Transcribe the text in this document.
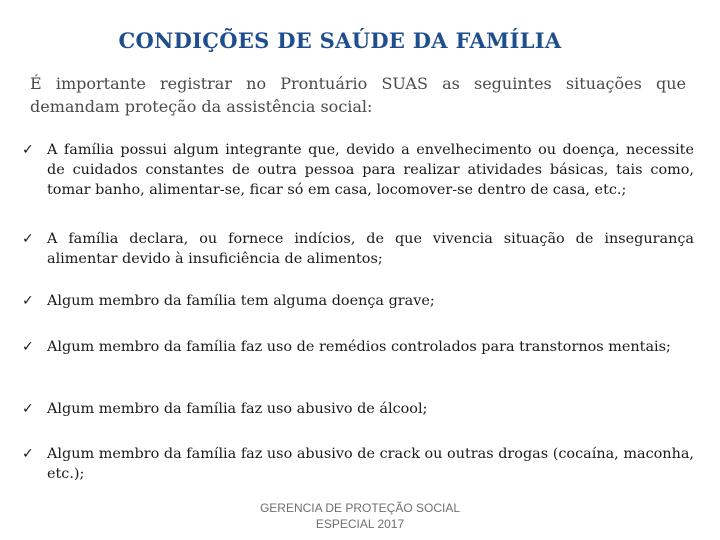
CONDIÇÕES DE SAÚDE DA FAMÍLIA
É importante registrar no Prontuário SUAS as seguintes situações que demandam proteção da assistência social:
✓ A família possui algum integrante que, devido a envelhecimento ou doença, necessite de cuidados constantes de outra pessoa para realizar atividades básicas, tais como, tomar banho, alimentar-se, ficar só em casa, locomover-se dentro de casa, etc.;
✓ A família declara, ou fornece indícios, de que vivencia situação de insegurança alimentar devido à insuficiência de alimentos;
✓ Algum membro da família tem alguma doença grave;
✓ Algum membro da família faz uso de remédios controlados para transtornos mentais;
✓ Algum membro da família faz uso abusivo de álcool;
✓ Algum membro da família faz uso abusivo de crack ou outras drogas (cocaína, maconha, etc.);
GERENCIA DE PROTEÇÃO SOCIAL
ESPECIAL 2017
